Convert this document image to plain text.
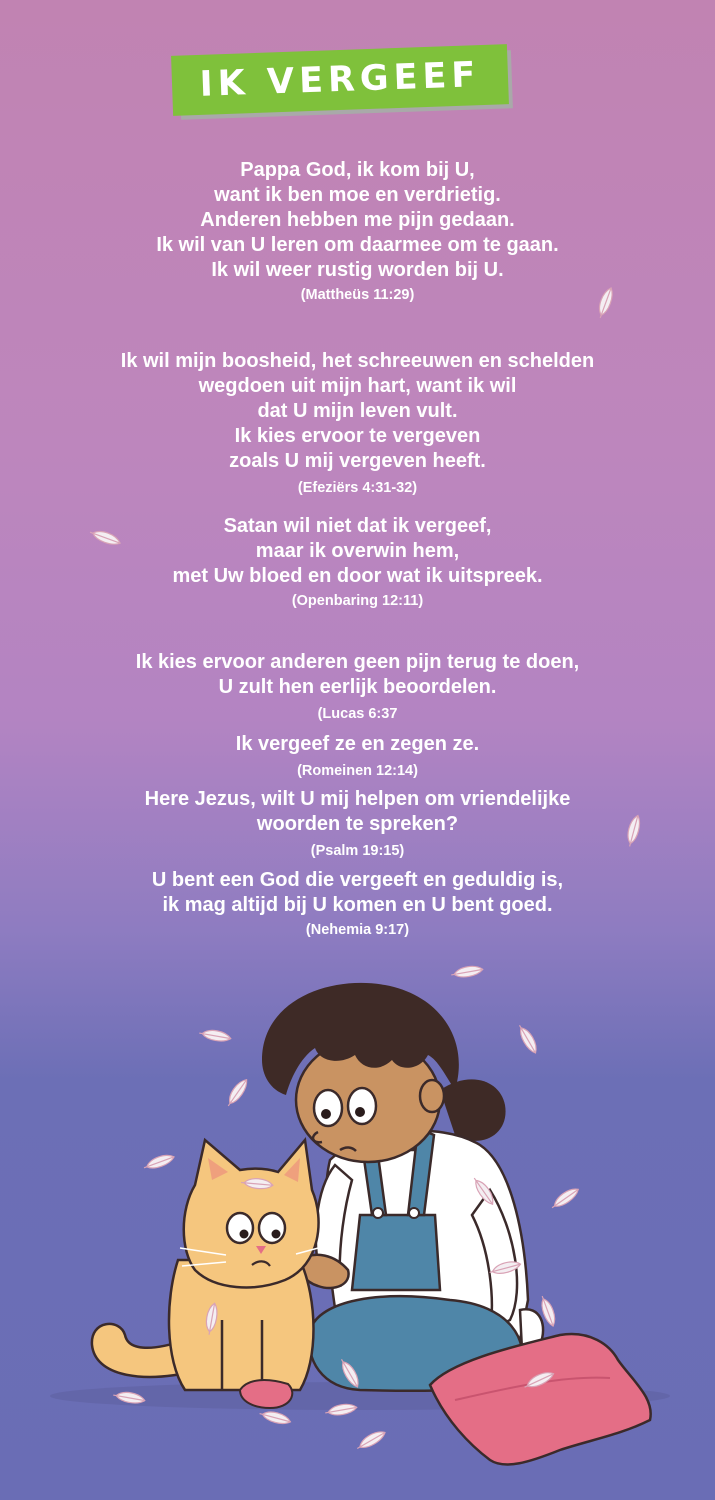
IK VERGEEF
Pappa God, ik kom bij U,
want ik ben moe en verdrietig.
Anderen hebben me pijn gedaan.
Ik wil van U leren om daarmee om te gaan.
Ik wil weer rustig worden bij U.
(Mattheüs 11:29)
Ik wil mijn boosheid, het schreeuwen en schelden
wegdoen uit mijn hart, want ik wil
dat U mijn leven vult.
Ik kies ervoor te vergeven
zoals U mij vergeven heeft.
(Efeziërs 4:31-32)
Satan wil niet dat ik vergeef,
maar ik overwin hem,
met Uw bloed en door wat ik uitspreek.
(Openbaring 12:11)
Ik kies ervoor anderen geen pijn terug te doen,
U zult hen eerlijk beoordelen.
(Lucas 6:37
Ik vergeef ze en zegen ze.
(Romeinen 12:14)
Here Jezus, wilt U mij helpen om vriendelijke
woorden te spreken?
(Psalm 19:15)
U bent een God die vergeeft en geduldig is,
ik mag altijd bij U komen en U bent goed.
(Nehemia 9:17)
